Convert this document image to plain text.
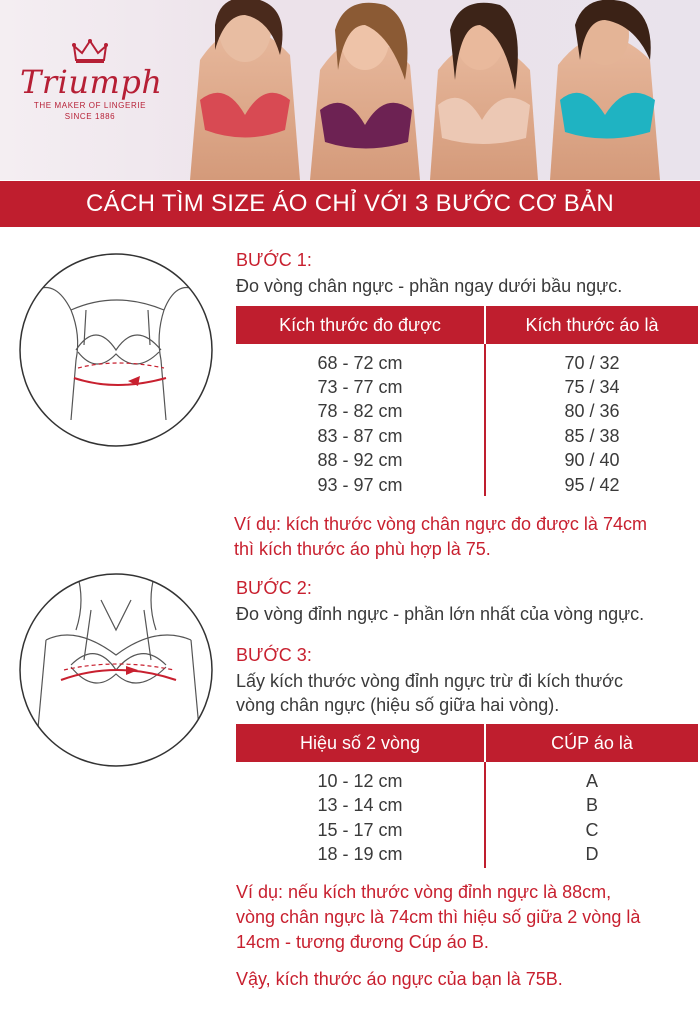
Triumph
THE MAKER OF LINGERIE
SINCE 1886
CÁCH TÌM SIZE ÁO CHỈ VỚI 3 BƯỚC CƠ BẢN
BƯỚC 1:
Đo vòng chân ngực - phần ngay dưới bầu ngực.
Kích thước đo được	Kích thước áo là
68 - 72 cm	70 / 32
73 - 77 cm	75 / 34
78 - 82 cm	80 / 36
83 - 87 cm	85 / 38
88 - 92 cm	90 / 40
93 - 97 cm	95 / 42
Ví dụ: kích thước vòng chân ngực đo được là 74cm
thì kích thước áo phù hợp là 75.
BƯỚC 2:
Đo vòng đỉnh ngực - phần lớn nhất của vòng ngực.
BƯỚC 3:
Lấy kích thước vòng đỉnh ngực trừ đi kích thước
vòng chân ngực (hiệu số giữa hai vòng).
Hiệu số 2 vòng	CÚP áo là
10 - 12 cm	A
13 - 14 cm	B
15 - 17 cm	C
18 - 19 cm	D
Ví dụ: nếu kích thước vòng đỉnh ngực là 88cm,
vòng chân ngực là 74cm thì hiệu số giữa 2 vòng là
14cm - tương đương Cúp áo B.
Vậy, kích thước áo ngực của bạn là 75B.
